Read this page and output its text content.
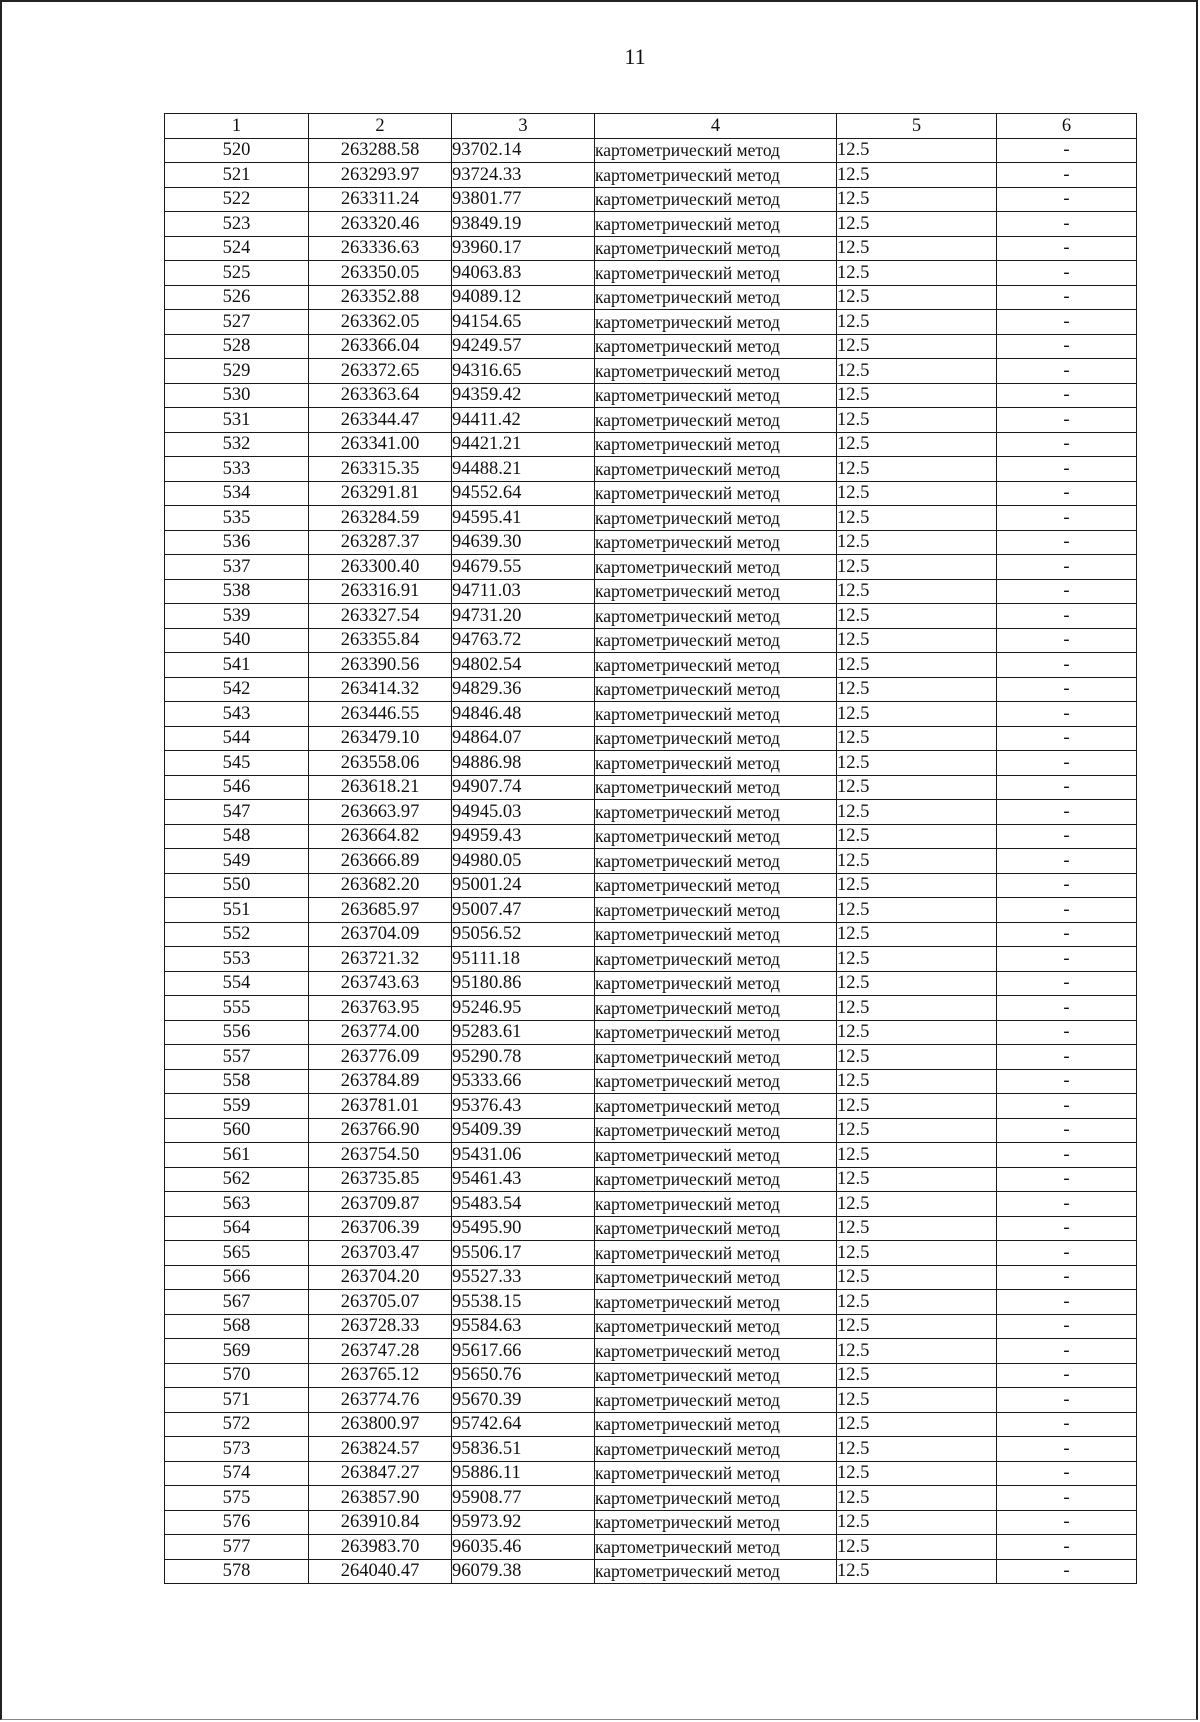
11
1	2	3	4	5	6
520	263288.58	93702.14	картометрический метод	12.5	-
521	263293.97	93724.33	картометрический метод	12.5	-
522	263311.24	93801.77	картометрический метод	12.5	-
523	263320.46	93849.19	картометрический метод	12.5	-
524	263336.63	93960.17	картометрический метод	12.5	-
525	263350.05	94063.83	картометрический метод	12.5	-
526	263352.88	94089.12	картометрический метод	12.5	-
527	263362.05	94154.65	картометрический метод	12.5	-
528	263366.04	94249.57	картометрический метод	12.5	-
529	263372.65	94316.65	картометрический метод	12.5	-
530	263363.64	94359.42	картометрический метод	12.5	-
531	263344.47	94411.42	картометрический метод	12.5	-
532	263341.00	94421.21	картометрический метод	12.5	-
533	263315.35	94488.21	картометрический метод	12.5	-
534	263291.81	94552.64	картометрический метод	12.5	-
535	263284.59	94595.41	картометрический метод	12.5	-
536	263287.37	94639.30	картометрический метод	12.5	-
537	263300.40	94679.55	картометрический метод	12.5	-
538	263316.91	94711.03	картометрический метод	12.5	-
539	263327.54	94731.20	картометрический метод	12.5	-
540	263355.84	94763.72	картометрический метод	12.5	-
541	263390.56	94802.54	картометрический метод	12.5	-
542	263414.32	94829.36	картометрический метод	12.5	-
543	263446.55	94846.48	картометрический метод	12.5	-
544	263479.10	94864.07	картометрический метод	12.5	-
545	263558.06	94886.98	картометрический метод	12.5	-
546	263618.21	94907.74	картометрический метод	12.5	-
547	263663.97	94945.03	картометрический метод	12.5	-
548	263664.82	94959.43	картометрический метод	12.5	-
549	263666.89	94980.05	картометрический метод	12.5	-
550	263682.20	95001.24	картометрический метод	12.5	-
551	263685.97	95007.47	картометрический метод	12.5	-
552	263704.09	95056.52	картометрический метод	12.5	-
553	263721.32	95111.18	картометрический метод	12.5	-
554	263743.63	95180.86	картометрический метод	12.5	-
555	263763.95	95246.95	картометрический метод	12.5	-
556	263774.00	95283.61	картометрический метод	12.5	-
557	263776.09	95290.78	картометрический метод	12.5	-
558	263784.89	95333.66	картометрический метод	12.5	-
559	263781.01	95376.43	картометрический метод	12.5	-
560	263766.90	95409.39	картометрический метод	12.5	-
561	263754.50	95431.06	картометрический метод	12.5	-
562	263735.85	95461.43	картометрический метод	12.5	-
563	263709.87	95483.54	картометрический метод	12.5	-
564	263706.39	95495.90	картометрический метод	12.5	-
565	263703.47	95506.17	картометрический метод	12.5	-
566	263704.20	95527.33	картометрический метод	12.5	-
567	263705.07	95538.15	картометрический метод	12.5	-
568	263728.33	95584.63	картометрический метод	12.5	-
569	263747.28	95617.66	картометрический метод	12.5	-
570	263765.12	95650.76	картометрический метод	12.5	-
571	263774.76	95670.39	картометрический метод	12.5	-
572	263800.97	95742.64	картометрический метод	12.5	-
573	263824.57	95836.51	картометрический метод	12.5	-
574	263847.27	95886.11	картометрический метод	12.5	-
575	263857.90	95908.77	картометрический метод	12.5	-
576	263910.84	95973.92	картометрический метод	12.5	-
577	263983.70	96035.46	картометрический метод	12.5	-
578	264040.47	96079.38	картометрический метод	12.5	-
